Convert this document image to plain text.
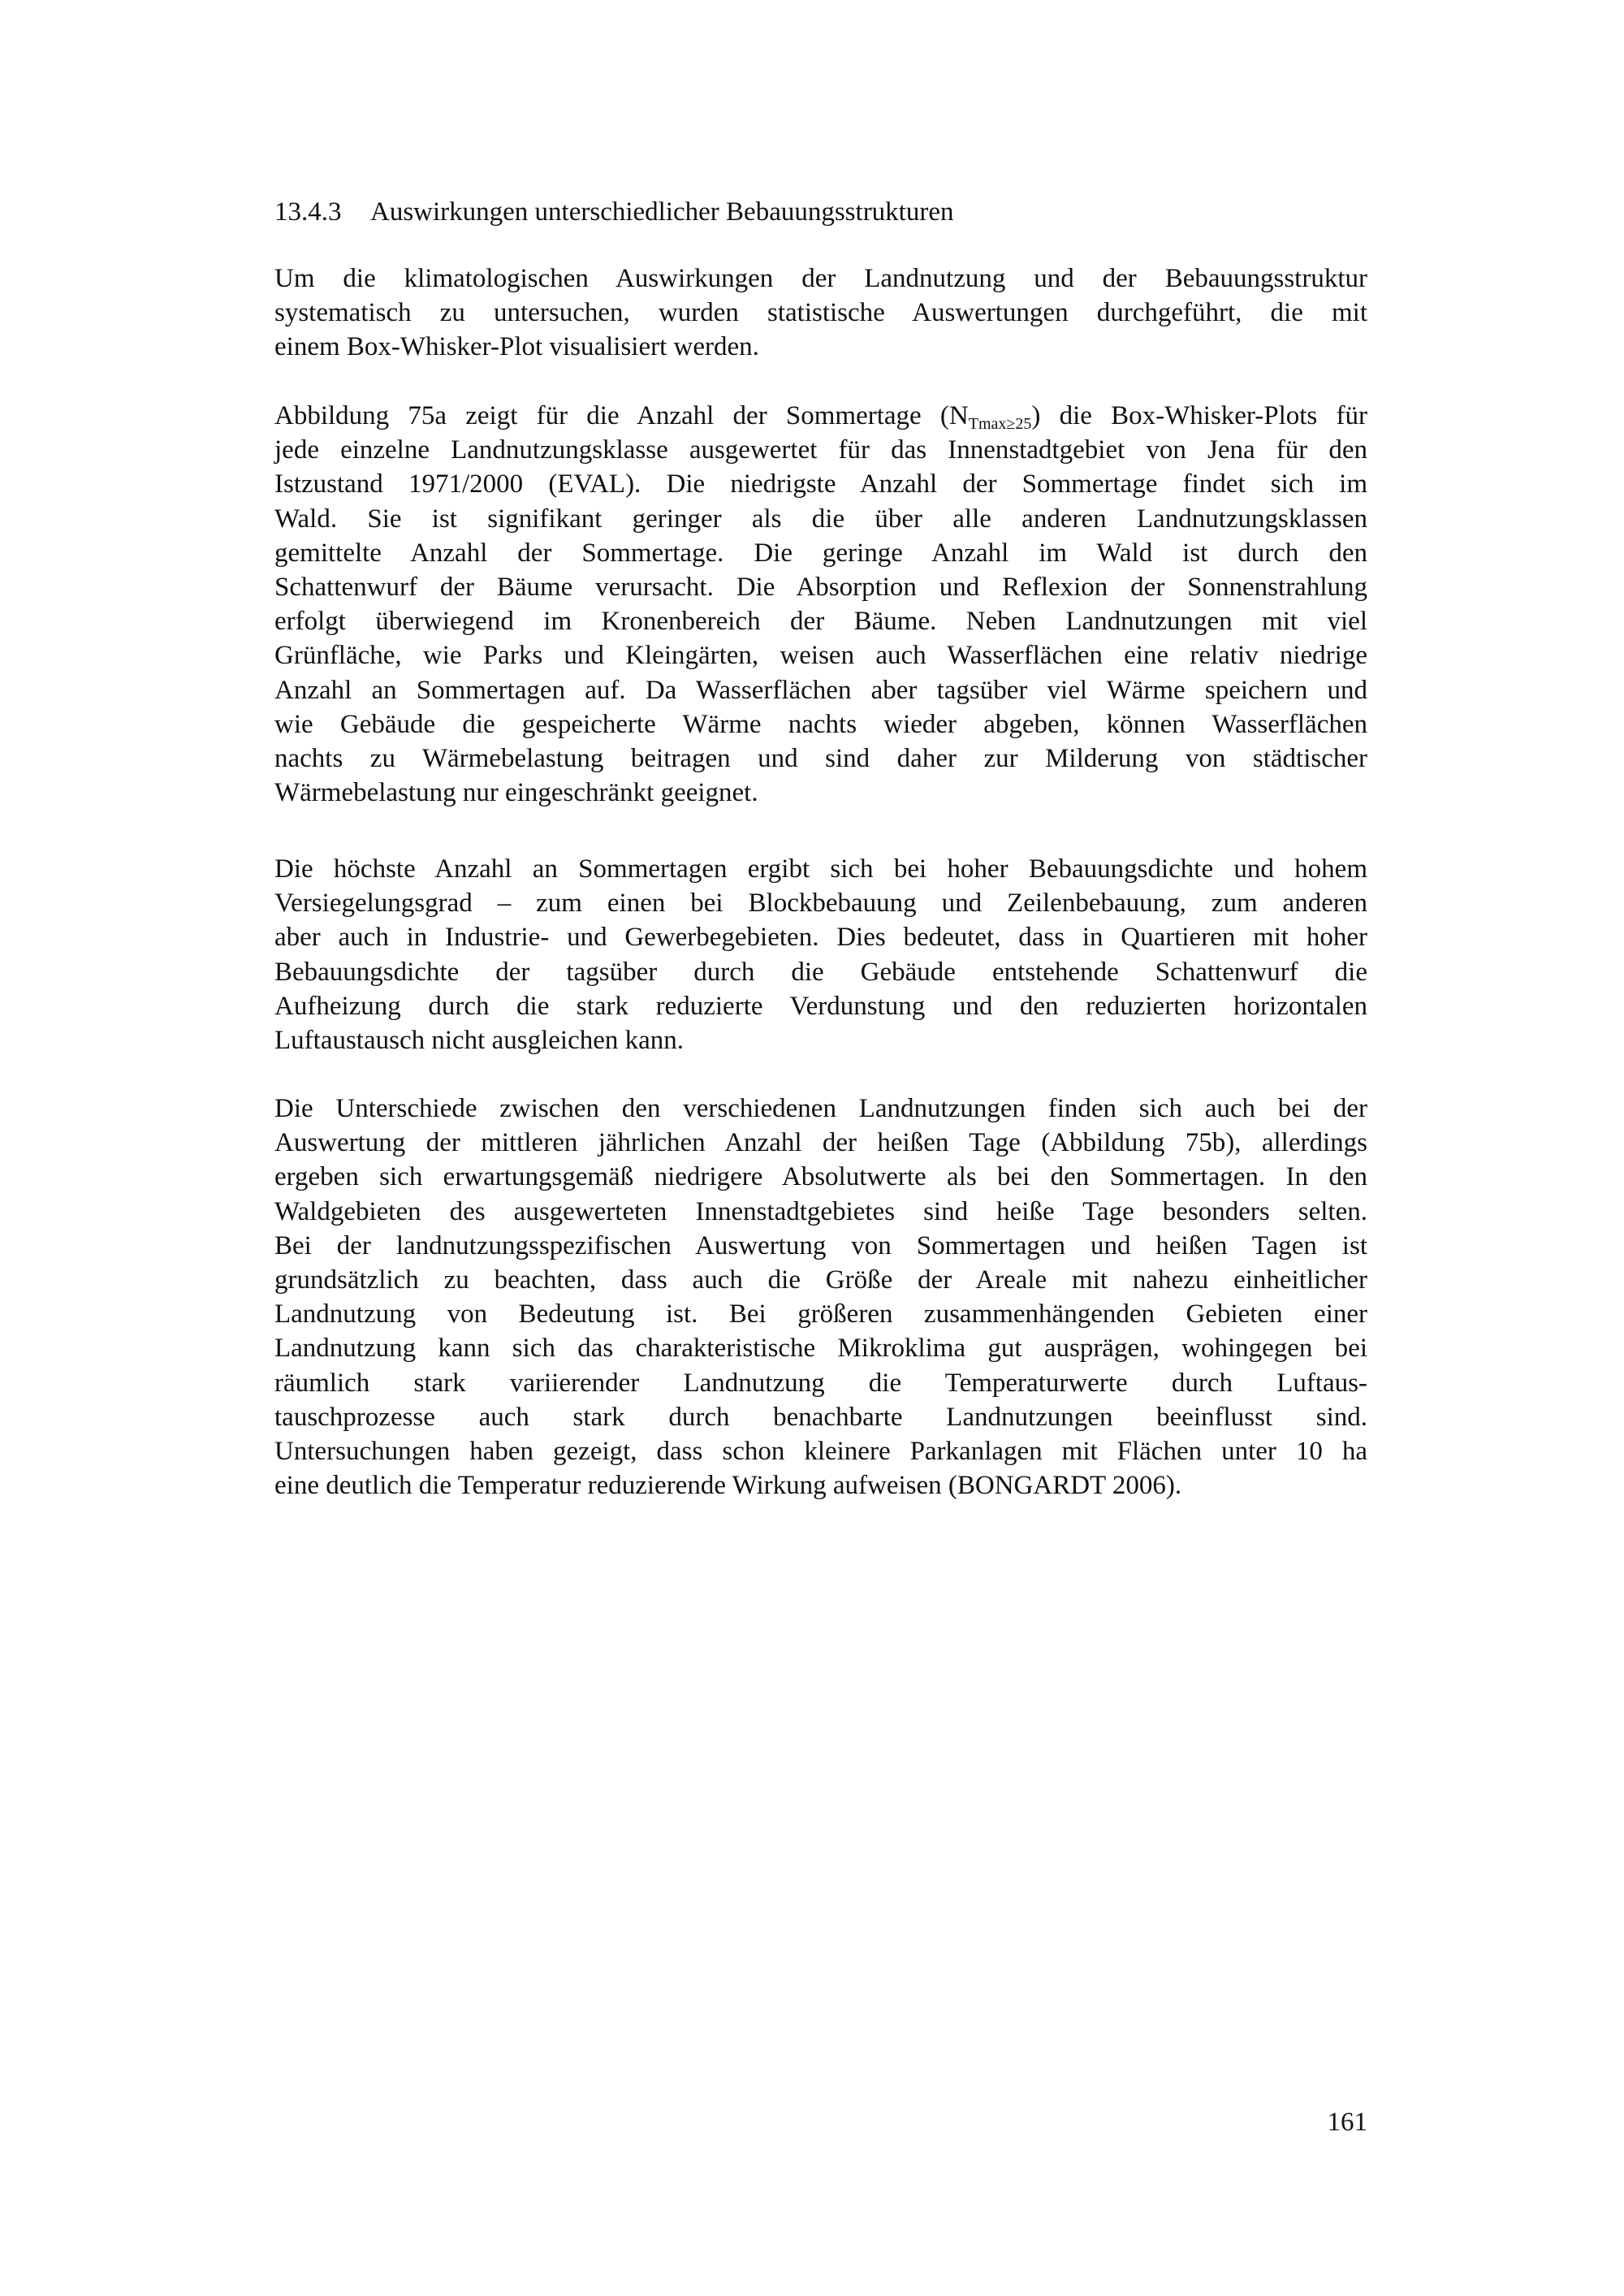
13.4.3 Auswirkungen unterschiedlicher Bebauungsstrukturen
Um die klimatologischen Auswirkungen der Landnutzung und der Bebauungsstruktur
systematisch zu untersuchen, wurden statistische Auswertungen durchgeführt, die mit
einem Box-Whisker-Plot visualisiert werden.
Abbildung 75a zeigt für die Anzahl der Sommertage $(N_{Tmax\ge 25})$ die Box-Whisker-Plots für
jede einzelne Landnutzungsklasse ausgewertet für das Innenstadtgebiet von Jena für den
Istzustand 1971/2000 (EVAL). Die niedrigste Anzahl der Sommertage findet sich im
Wald. Sie ist signifikant geringer als die über alle anderen Landnutzungsklassen
gemittelte Anzahl der Sommertage. Die geringe Anzahl im Wald ist durch den
Schattenwurf der Bäume verursacht. Die Absorption und Reflexion der Sonnenstrahlung
erfolgt überwiegend im Kronenbereich der Bäume. Neben Landnutzungen mit viel
Grünfläche, wie Parks und Kleingärten, weisen auch Wasserflächen eine relativ niedrige
Anzahl an Sommertagen auf. Da Wasserflächen aber tagsüber viel Wärme speichern und
wie Gebäude die gespeicherte Wärme nachts wieder abgeben, können Wasserflächen
nachts zu Wärmebelastung beitragen und sind daher zur Milderung von städtischer
Wärmebelastung nur eingeschränkt geeignet.
Die höchste Anzahl an Sommertagen ergibt sich bei hoher Bebauungsdichte und hohem
Versiegelungsgrad – zum einen bei Blockbebauung und Zeilenbebauung, zum anderen
aber auch in Industrie- und Gewerbegebieten. Dies bedeutet, dass in Quartieren mit hoher
Bebauungsdichte der tagsüber durch die Gebäude entstehende Schattenwurf die
Aufheizung durch die stark reduzierte Verdunstung und den reduzierten horizontalen
Luftaustausch nicht ausgleichen kann.
Die Unterschiede zwischen den verschiedenen Landnutzungen finden sich auch bei der
Auswertung der mittleren jährlichen Anzahl der heißen Tage (Abbildung 75b), allerdings
ergeben sich erwartungsgemäß niedrigere Absolutwerte als bei den Sommertagen. In den
Waldgebieten des ausgewerteten Innenstadtgebietes sind heiße Tage besonders selten.
Bei der landnutzungsspezifischen Auswertung von Sommertagen und heißen Tagen ist
grundsätzlich zu beachten, dass auch die Größe der Areale mit nahezu einheitlicher
Landnutzung von Bedeutung ist. Bei größeren zusammenhängenden Gebieten einer
Landnutzung kann sich das charakteristische Mikroklima gut ausprägen, wohingegen bei
räumlich stark variierender Landnutzung die Temperaturwerte durch Luftaus-
tauschprozesse auch stark durch benachbarte Landnutzungen beeinflusst sind.
Untersuchungen haben gezeigt, dass schon kleinere Parkanlagen mit Flächen unter 10 ha
eine deutlich die Temperatur reduzierende Wirkung aufweisen (BONGARDT 2006).
161
